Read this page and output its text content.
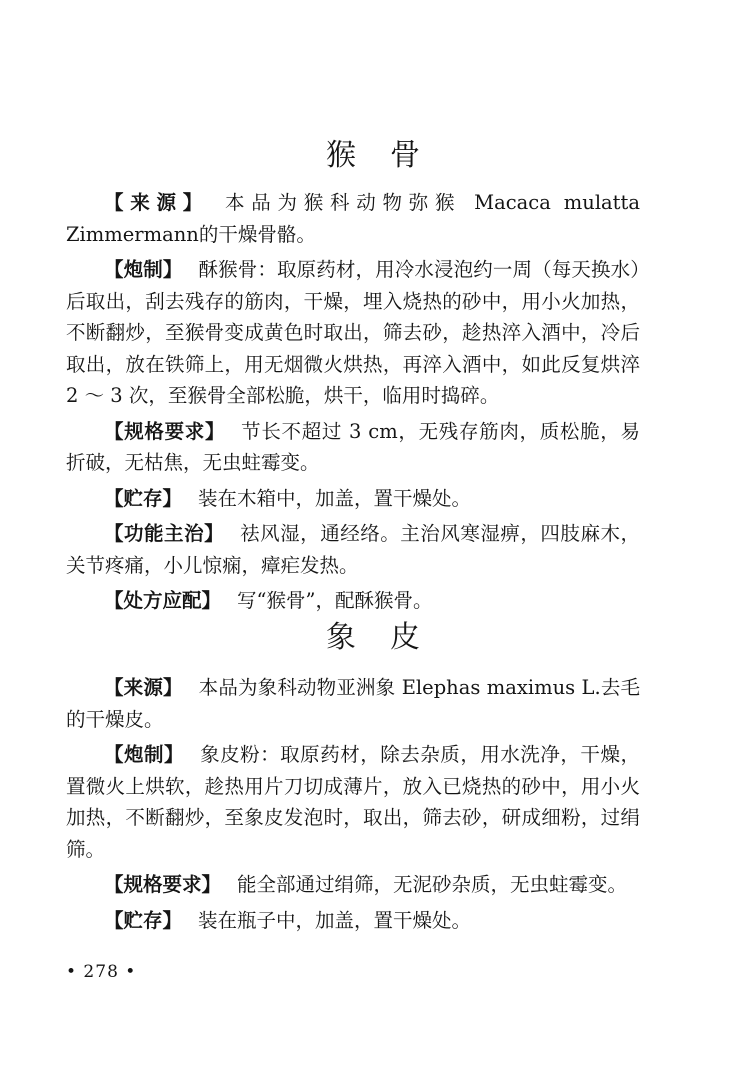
猴骨

【来源】 本品为猴科动物弥猴 Macaca mulatta Zimmermann的干燥骨骼。

【炮制】 酥猴骨：取原药材，用冷水浸泡约一周（每天换水）后取出，刮去残存的筋肉，干燥，埋入烧热的砂中，用小火加热，不断翻炒，至猴骨变成黄色时取出，筛去砂，趁热淬入酒中，冷后取出，放在铁筛上，用无烟微火烘热，再淬入酒中，如此反复烘淬 2 ～ 3 次，至猴骨全部松脆，烘干，临用时捣碎。

【规格要求】 节长不超过 3 cm，无残存筋肉，质松脆，易折破，无枯焦，无虫蛀霉变。

【贮存】 装在木箱中，加盖，置干燥处。

【功能主治】 祛风湿，通经络。主治风寒湿痹，四肢麻木，关节疼痛，小儿惊痫，瘴疟发热。

【处方应配】 写“猴骨”，配酥猴骨。

象皮

【来源】 本品为象科动物亚洲象 Elephas maximus L.去毛的干燥皮。

【炮制】 象皮粉：取原药材，除去杂质，用水洗净，干燥，置微火上烘软，趁热用片刀切成薄片，放入已烧热的砂中，用小火加热，不断翻炒，至象皮发泡时，取出，筛去砂，研成细粉，过绢筛。

【规格要求】 能全部通过绢筛，无泥砂杂质，无虫蛀霉变。

【贮存】 装在瓶子中，加盖，置干燥处。

• 278 •
